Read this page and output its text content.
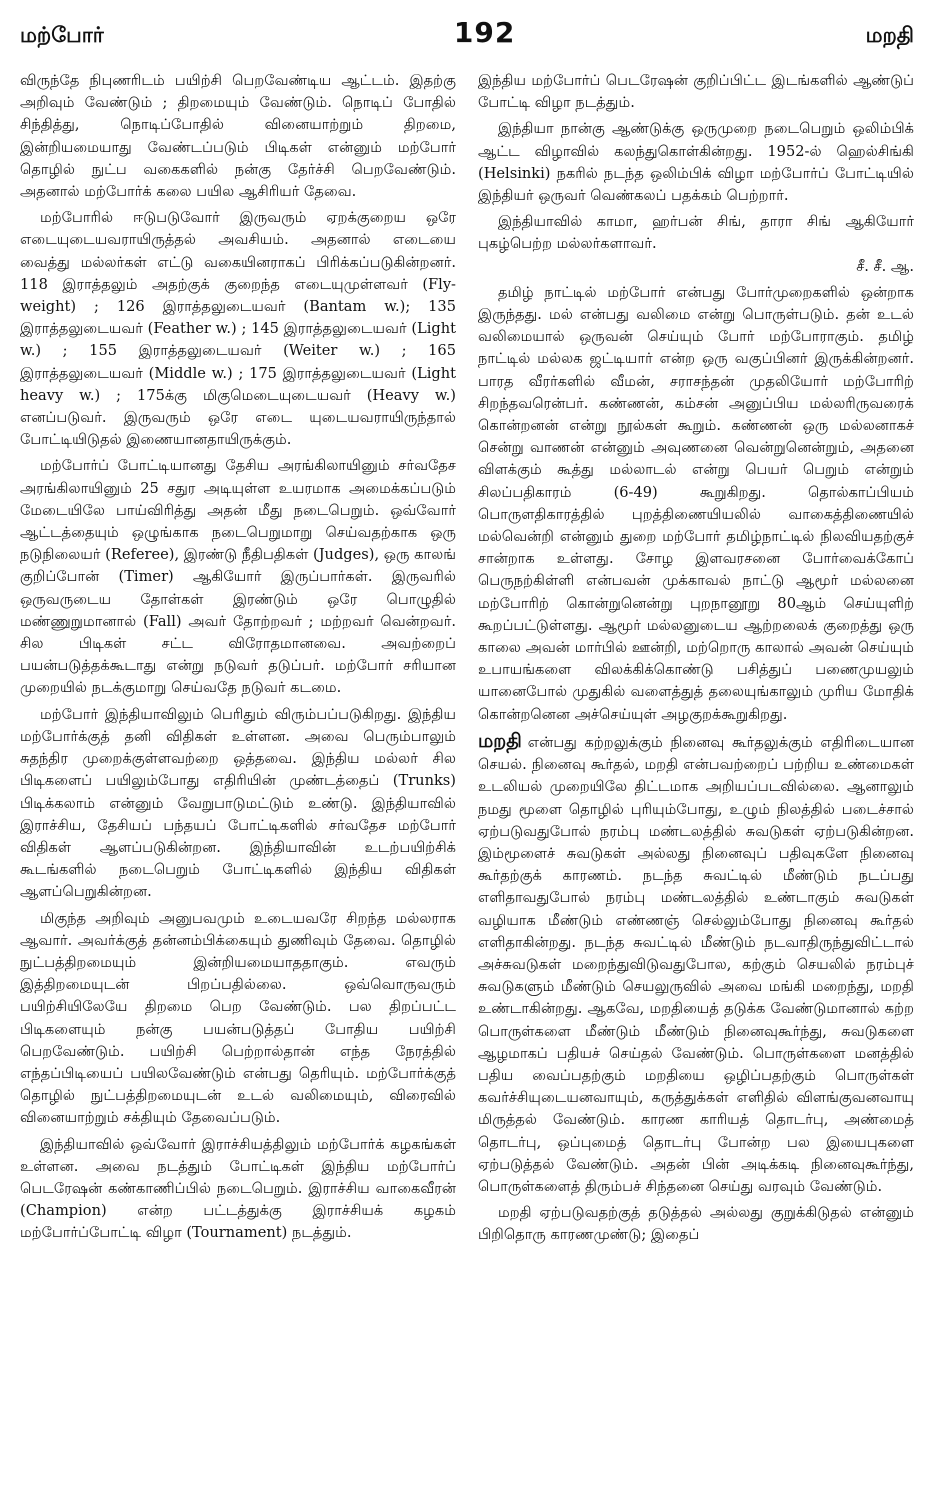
மற்போர்	192	மறதி

விருந்தே நிபுணரிடம் பயிற்சி பெறவேண்டிய ஆட்டம். இதற்கு அறிவும் வேண்டும் ; திறமையும் வேண்டும். நொடிப் போதில் சிந்தித்து, நொடிப்போதில் வினையாற்றும் திறமை, இன்றியமையாது வேண்டப்படும் பிடிகள் என்னும் மற்போர் தொழில் நுட்ப வகைகளில் நன்கு தேர்ச்சி பெறவேண்டும். அதனால் மற்போர்க் கலை பயில ஆசிரியர் தேவை.

மற்போரில் ஈடுபடுவோர் இருவரும் ஏறக்குறைய ஒரே எடையுடையவராயிருத்தல் அவசியம். அதனால் எடையை வைத்து மல்லர்கள் எட்டு வகையினராகப் பிரிக்கப்படுகின்றனர். 118 இராத்தலும் அதற்குக் குறைந்த எடையுமுள்ளவர் (Fly-weight) ; 126 இராத்தலுடையவர் (Bantam w.); 135 இராத்தலுடையவர் (Feather w.) ; 145 இராத்தலுடையவர் (Light w.) ; 155 இராத்தலுடையவர் (Weiter w.) ; 165 இராத்தலுடையவர் (Middle w.) ; 175 இராத்தலுடையவர் (Light heavy w.) ; 175க்கு மிகுமெடையுடையவர் (Heavy w.) எனப்படுவர். இருவரும் ஒரே எடை யுடையவராயிருந்தால் போட்டியிடுதல் இணையானதாயிருக்கும்.

மற்போர்ப் போட்டியானது தேசிய அரங்கிலாயினும் சர்வதேச அரங்கிலாயினும் 25 சதுர அடியுள்ள உயரமாக அமைக்கப்படும் மேடையிலே பாய்விரித்து அதன் மீது நடைபெறும். ஒவ்வோர் ஆட்டத்தையும் ஒழுங்காக நடைபெறுமாறு செய்வதற்காக ஒரு நடுநிலையர் (Referee), இரண்டு நீதிபதிகள் (Judges), ஒரு காலங் குறிப்போன் (Timer) ஆகியோர் இருப்பார்கள். இருவரில் ஒருவருடைய தோள்கள் இரண்டும் ஒரே பொழுதில் மண்ணுறுமானால் (Fall) அவர் தோற்றவர் ; மற்றவர் வென்றவர். சில பிடிகள் சட்ட விரோதமானவை. அவற்றைப் பயன்படுத்தக்கூடாது என்று நடுவர் தடுப்பர். மற்போர் சரியான முறையில் நடக்குமாறு செய்வதே நடுவர் கடமை.

மற்போர் இந்தியாவிலும் பெரிதும் விரும்பப்படுகிறது. இந்திய மற்போர்க்குத் தனி விதிகள் உள்ளன. அவை பெரும்பாலும் சுதந்திர முறைக்குள்ளவற்றை ஒத்தவை. இந்திய மல்லர் சில பிடிகளைப் பயிலும்போது எதிரியின் முண்டத்தைப் (Trunks) பிடிக்கலாம் என்னும் வேறுபாடுமட்டும் உண்டு. இந்தியாவில் இராச்சிய, தேசியப் பந்தயப் போட்டிகளில் சர்வதேச மற்போர் விதிகள் ஆளப்படுகின்றன. இந்தியாவின் உடற்பயிற்சிக் கூடங்களில் நடைபெறும் போட்டிகளில் இந்திய விதிகள் ஆளப்பெறுகின்றன.

மிகுந்த அறிவும் அனுபவமும் உடையவரே சிறந்த மல்லராக ஆவார். அவர்க்குத் தன்னம்பிக்கையும் துணிவும் தேவை. தொழில் நுட்பத்திறமையும் இன்றியமையாததாகும். எவரும் இத்திறமையுடன் பிறப்பதில்லை. ஒவ்வொருவரும் பயிற்சியிலேயே திறமை பெற வேண்டும். பல திறப்பட்ட பிடிகளையும் நன்கு பயன்படுத்தப் போதிய பயிற்சி பெறவேண்டும். பயிற்சி பெற்றால்தான் எந்த நேரத்தில் எந்தப்பிடியைப் பயிலவேண்டும் என்பது தெரியும். மற்போர்க்குத் தொழில் நுட்பத்திறமையுடன் உடல் வலிமையும், விரைவில் வினையாற்றும் சக்தியும் தேவைப்படும்.

இந்தியாவில் ஒவ்வோர் இராச்சியத்திலும் மற்போர்க் கழகங்கள் உள்ளன. அவை நடத்தும் போட்டிகள் இந்திய மற்போர்ப் பெடரேஷன் கண்காணிப்பில் நடைபெறும். இராச்சிய வாகைவீரன் (Champion) என்ற பட்டத்துக்கு இராச்சியக் கழகம் மற்போர்ப்போட்டி விழா (Tournament) நடத்தும்.

இந்திய மற்போர்ப் பெடரேஷன் குறிப்பிட்ட இடங்களில் ஆண்டுப் போட்டி விழா நடத்தும்.

இந்தியா நான்கு ஆண்டுக்கு ஒருமுறை நடைபெறும் ஒலிம்பிக் ஆட்ட விழாவில் கலந்துகொள்கின்றது. 1952-ல் ஹெல்சிங்கி (Helsinki) நகரில் நடந்த ஒலிம்பிக் விழா மற்போர்ப் போட்டியில் இந்தியர் ஒருவர் வெண்கலப் பதக்கம் பெற்றார்.

இந்தியாவில் காமா, ஹர்பன் சிங், தாரா சிங் ஆகியோர் புகழ்பெற்ற மல்லர்களாவர்.

சீ. சீ. ஆ.

தமிழ் நாட்டில் மற்போர் என்பது போர்முறைகளில் ஒன்றாக இருந்தது. மல் என்பது வலிமை என்று பொருள்படும். தன் உடல் வலிமையால் ஒருவன் செய்யும் போர் மற்போராகும். தமிழ் நாட்டில் மல்லக ஜட்டியார் என்ற ஒரு வகுப்பினர் இருக்கின்றனர். பாரத வீரர்களில் வீமன், சராசந்தன் முதலியோர் மற்போரிற் சிறந்தவரென்பர். கண்ணன், கம்சன் அனுப்பிய மல்லரிருவரைக் கொன்றனன் என்று நூல்கள் கூறும். கண்ணன் ஒரு மல்லனாகச் சென்று வாணன் என்னும் அவுணனை வென்றுனென்றும், அதனை விளக்கும் கூத்து மல்லாடல் என்று பெயர் பெறும் என்றும் சிலப்பதிகாரம் (6-49) கூறுகிறது. தொல்காப்பியம் பொருளதிகாரத்தில் புறத்திணையியலில் வாகைத்திணையில் மல்வென்றி என்னும் துறை மற்போர் தமிழ்நாட்டில் நிலவியதற்குச் சான்றாக உள்ளது. சோழ இளவரசனை போர்வைக்கோப் பெருநற்கிள்ளி என்பவன் முக்காவல் நாட்டு ஆமூர் மல்லனை மற்போரிற் கொன்றுனென்று புறநானூறு 80ஆம் செய்யுளிற் கூறப்பட்டுள்ளது. ஆமூர் மல்லனுடைய ஆற்றலைக் குறைத்து ஒரு காலை அவன் மார்பில் ஊன்றி, மற்றொரு காலால் அவன் செய்யும் உபாயங்களை விலக்கிக்கொண்டு பசித்துப் பணைமுயலும் யானைபோல் முதுகில் வளைத்துத் தலையுங்காலும் முரிய மோதிக் கொன்றனென அச்செய்யுள் அழகுறக்கூறுகிறது.

மறதி என்பது கற்றலுக்கும் நினைவு கூர்தலுக்கும் எதிரிடையான செயல். நினைவு கூர்தல், மறதி என்பவற்றைப் பற்றிய உண்மைகள் உடலியல் முறையிலே திட்டமாக அறியப்படவில்லை. ஆனாலும் நமது மூளை தொழில் புரியும்போது, உழும் நிலத்தில் படைச்சால் ஏற்படுவதுபோல் நரம்பு மண்டலத்தில் சுவடுகள் ஏற்படுகின்றன. இம்மூளைச் சுவடுகள் அல்லது நினைவுப் பதிவுகளே நினைவு கூர்தற்குக் காரணம். நடந்த சுவட்டில் மீண்டும் நடப்பது எளிதாவதுபோல் நரம்பு மண்டலத்தில் உண்டாகும் சுவடுகள் வழியாக மீண்டும் எண்ணஞ் செல்லும்போது நினைவு கூர்தல் எளிதாகின்றது. நடந்த சுவட்டில் மீண்டும் நடவாதிருந்துவிட்டால் அச்சுவடுகள் மறைந்துவிடுவதுபோல, கற்கும் செயலில் நரம்புச் சுவடுகளும் மீண்டும் செயலுருவில் அவை மங்கி மறைந்து, மறதி உண்டாகின்றது. ஆகவே, மறதியைத் தடுக்க வேண்டுமானால் கற்ற பொருள்களை மீண்டும் மீண்டும் நினைவுகூர்ந்து, சுவடுகளை ஆழமாகப் பதியச் செய்தல் வேண்டும். பொருள்களை மனத்தில் பதிய வைப்பதற்கும் மறதியை ஒழிப்பதற்கும் பொருள்கள் கவர்ச்சியுடையனவாயும், கருத்துக்கள் எளிதில் விளங்குவனவாயு மிருத்தல் வேண்டும். காரண காரியத் தொடர்பு, அண்மைத் தொடர்பு, ஒப்புமைத் தொடர்பு போன்ற பல இயைபுகளை ஏற்படுத்தல் வேண்டும். அதன் பின் அடிக்கடி நினைவுகூர்ந்து, பொருள்களைத் திரும்பச் சிந்தனை செய்து வரவும் வேண்டும்.

மறதி ஏற்படுவதற்குத் தடுத்தல் அல்லது குறுக்கிடுதல் என்னும் பிறிதொரு காரணமுண்டு; இதைப்
